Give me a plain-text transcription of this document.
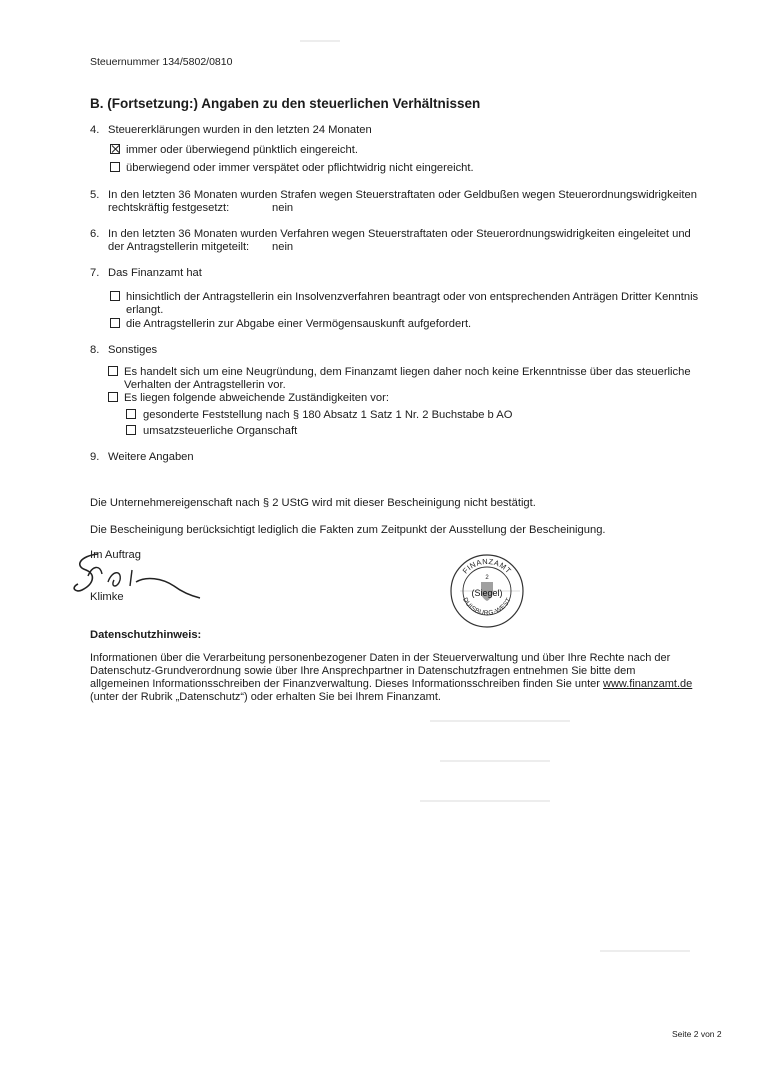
Steuernummer 134/5802/0810
B. (Fortsetzung:) Angaben zu den steuerlichen Verhältnissen
4. Steuererklärungen wurden in den letzten 24 Monaten
immer oder überwiegend pünktlich eingereicht.
überwiegend oder immer verspätet oder pflichtwidrig nicht eingereicht.
5. In den letzten 36 Monaten wurden Strafen wegen Steuerstraftaten oder Geldbußen wegen Steuerordnungswidrigkeiten
rechtskräftig festgesetzt:	nein
6. In den letzten 36 Monaten wurden Verfahren wegen Steuerstraftaten oder Steuerordnungswidrigkeiten eingeleitet und
der Antragstellerin mitgeteilt: nein
7. Das Finanzamt hat
hinsichtlich der Antragstellerin ein Insolvenzverfahren beantragt oder von entsprechenden Anträgen Dritter Kenntnis
erlangt.
die Antragstellerin zur Abgabe einer Vermögensauskunft aufgefordert.
8. Sonstiges
Es handelt sich um eine Neugründung, dem Finanzamt liegen daher noch keine Erkenntnisse über das steuerliche
Verhalten der Antragstellerin vor.
Es liegen folgende abweichende Zuständigkeiten vor:
gesonderte Feststellung nach § 180 Absatz 1 Satz 1 Nr. 2 Buchstabe b AO
umsatzsteuerliche Organschaft
9. Weitere Angaben
Die Unternehmereigenschaft nach § 2 UStG wird mit dieser Bescheinigung nicht bestätigt.
Die Bescheinigung berücksichtigt lediglich die Fakten zum Zeitpunkt der Ausstellung der Bescheinigung.
Im Auftrag
Klimke
FINANZAMT
DUISBURG-WEST
2
(Siegel)
Datenschutzhinweis:
Informationen über die Verarbeitung personenbezogener Daten in der Steuerverwaltung und über Ihre Rechte nach der
Datenschutz-Grundverordnung sowie über Ihre Ansprechpartner in Datenschutzfragen entnehmen Sie bitte dem
allgemeinen Informationsschreiben der Finanzverwaltung. Dieses Informationsschreiben finden Sie unter www.finanzamt.de
(unter der Rubrik „Datenschutz“) oder erhalten Sie bei Ihrem Finanzamt.
Seite 2 von 2
